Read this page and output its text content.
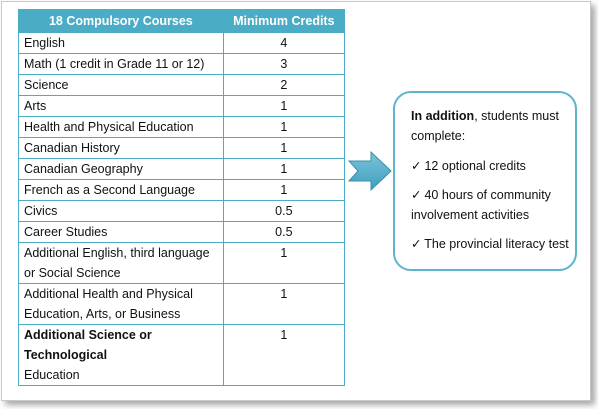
18 Compulsory Courses	Minimum Credits
English	4
Math (1 credit in Grade 11 or 12)	3
Science	2
Arts	1
Health and Physical Education	1
Canadian History	1
Canadian Geography	1
French as a Second Language	1
Civics	0.5
Career Studies	0.5
Additional English, third language
or Social Science	1
Additional Health and Physical
Education, Arts, or Business	1
Additional Science or
Technological
Education	1
In addition, students must complete:
✓ 12 optional credits
✓ 40 hours of community involvement activities
✓ The provincial literacy test
